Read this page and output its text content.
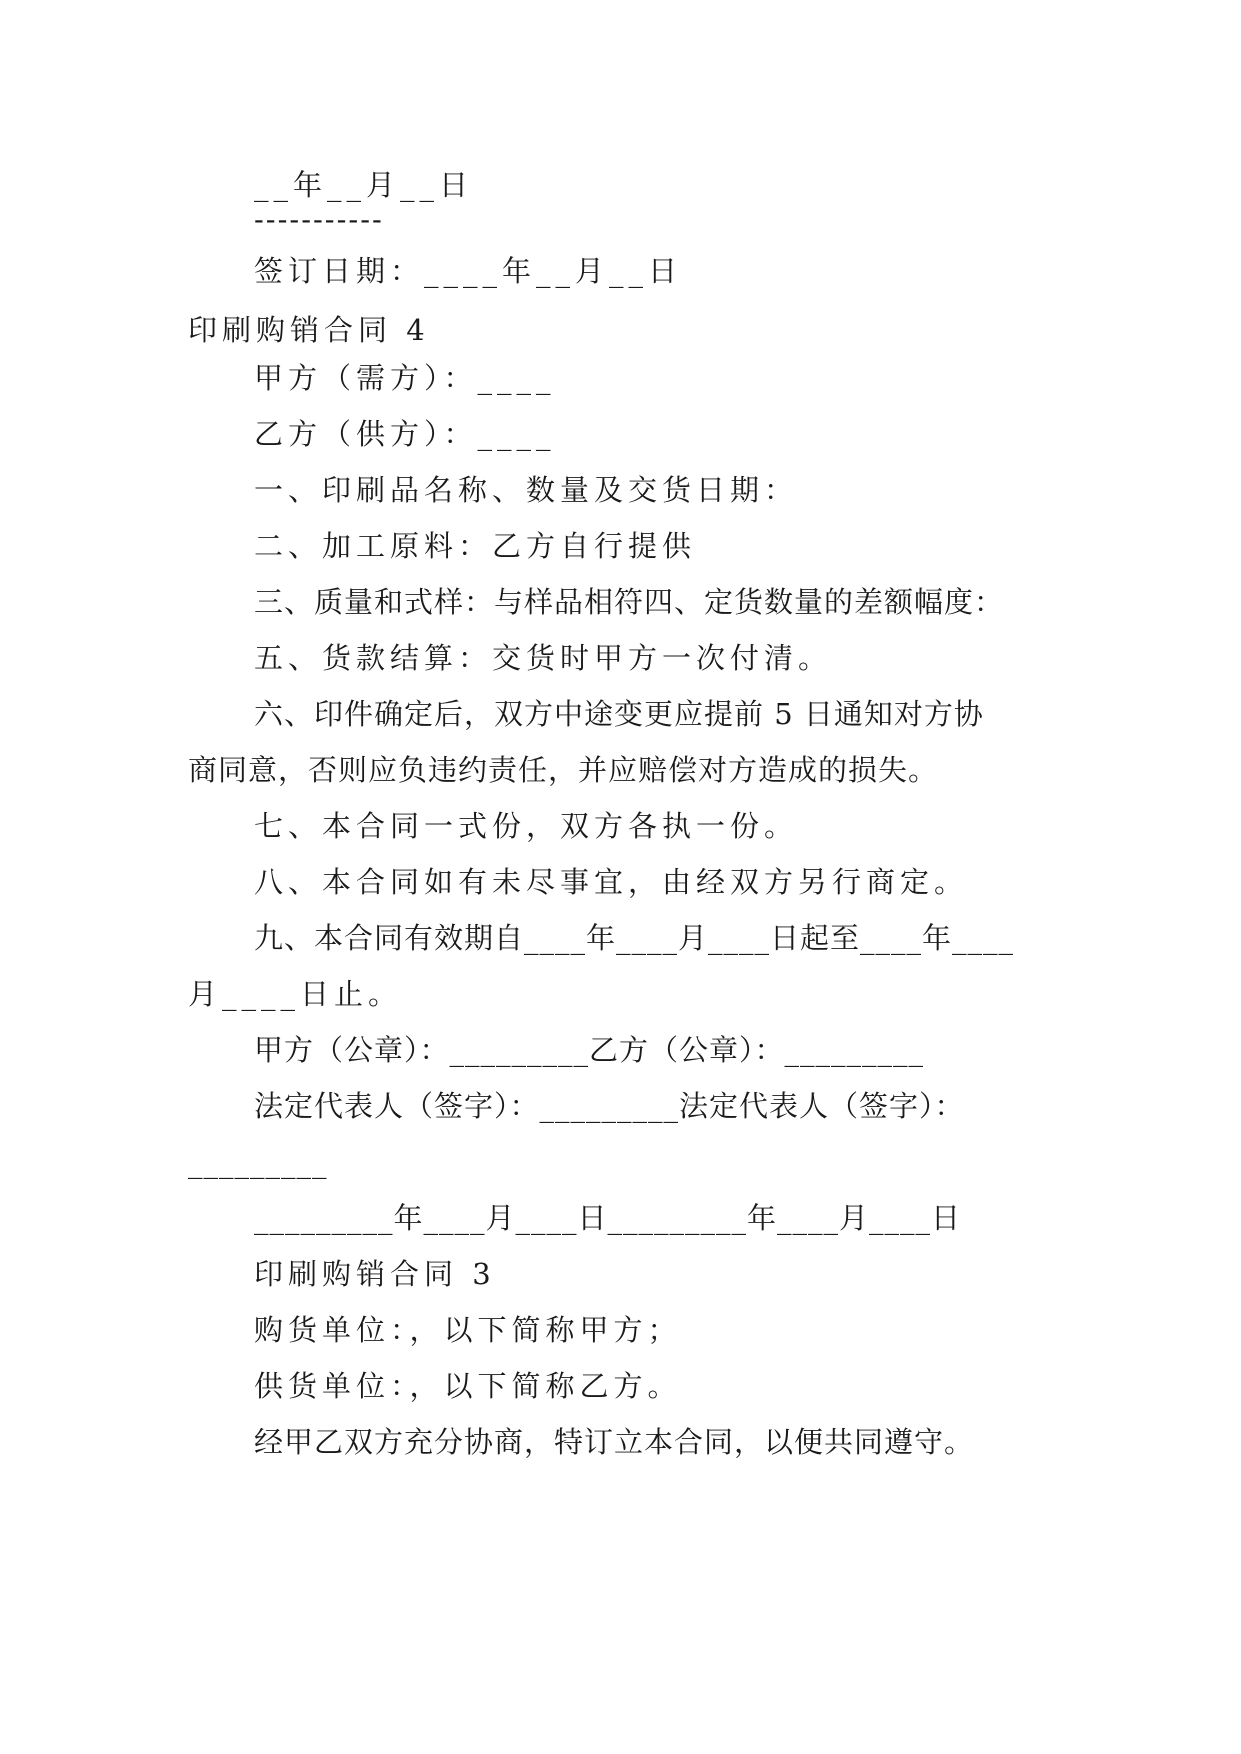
__年__月__日
-----------
签订日期：____年__月__日
印刷购销合同 4
甲方（需方）：____
乙方（供方）：____
一、印刷品名称、数量及交货日期：
二、加工原料：乙方自行提供
三、质量和式样：与样品相符四、定货数量的差额幅度：
五、货款结算：交货时甲方一次付清。
六、印件确定后，双方中途变更应提前 5 日通知对方协
商同意，否则应负违约责任，并应赔偿对方造成的损失。
七、本合同一式份，双方各执一份。
八、本合同如有未尽事宜，由经双方另行商定。
九、本合同有效期自____年____月____日起至____年____
月____日止。
甲方（公章）：_________乙方（公章）：_________
法定代表人（签字）：_________法定代表人（签字）：
_________
_________年____月____日_________年____月____日
印刷购销合同 3
购货单位：，以下简称甲方；
供货单位：，以下简称乙方。
经甲乙双方充分协商，特订立本合同，以便共同遵守。
